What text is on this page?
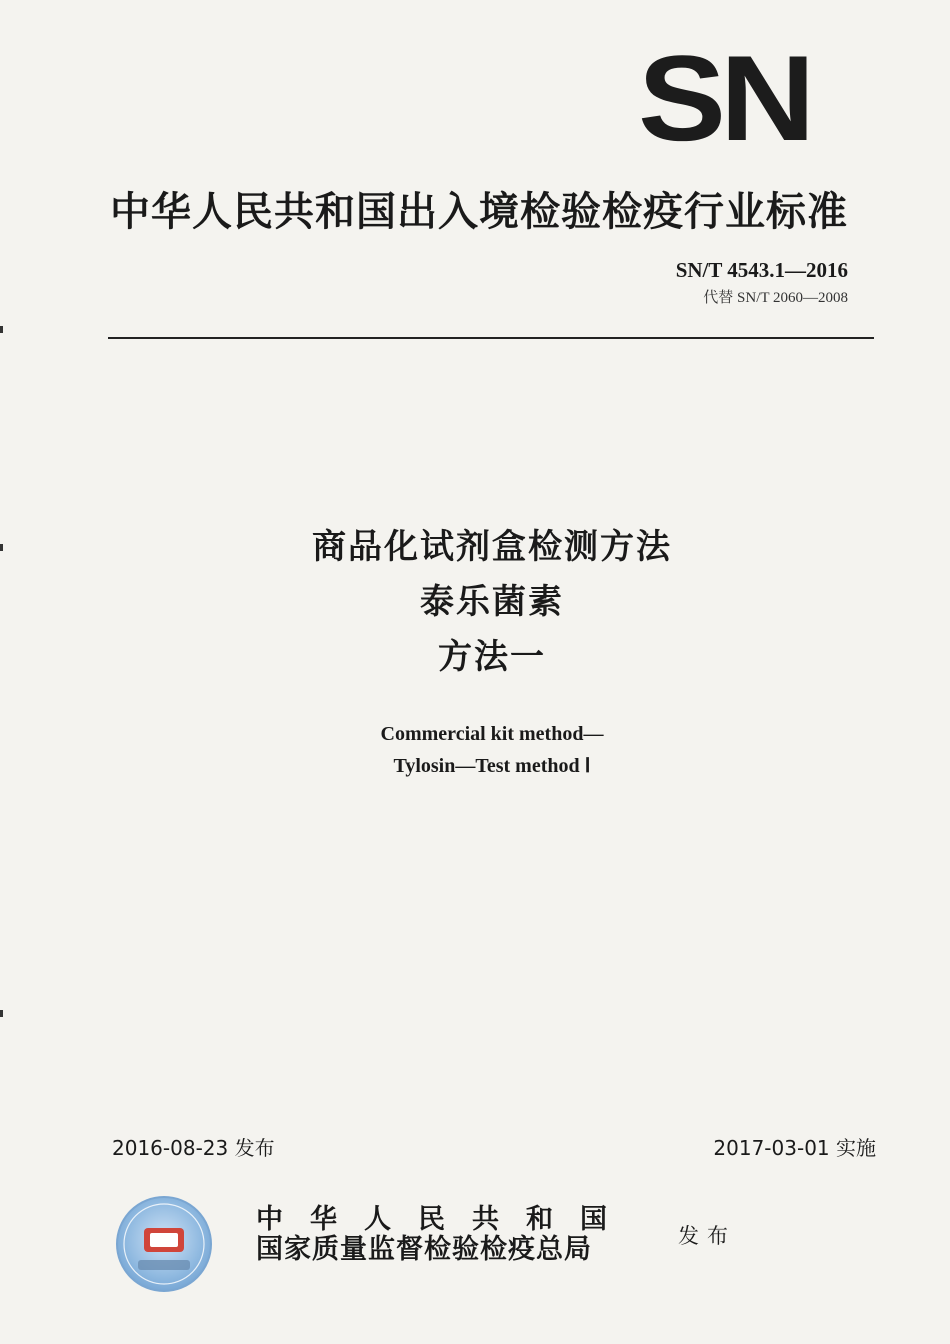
SN
中华人民共和国出入境检验检疫行业标准
SN/T 4543.1—2016
代替 SN/T 2060—2008
商品化试剂盒检测方法
泰乐菌素
方法一
Commercial kit method—
Tylosin—Test method Ⅰ
2016-08-23 发布	2017-03-01 实施
中华人民共和国
国家质量监督检验检疫总局	发布
